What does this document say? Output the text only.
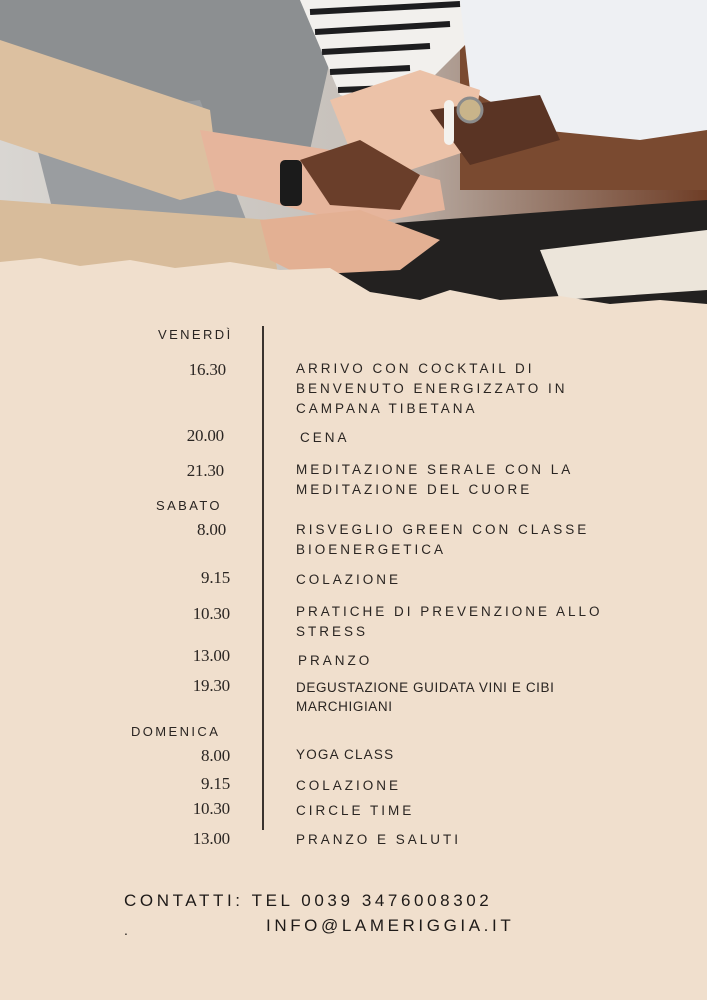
VENERDÌ
16.30	ARRIVO CON COCKTAIL DI BENVENUTO ENERGIZZATO IN CAMPANA TIBETANA
20.00	CENA
21.30	MEDITAZIONE SERALE CON LA MEDITAZIONE DEL CUORE
SABATO
8.00	RISVEGLIO GREEN CON CLASSE BIOENERGETICA
9.15	COLAZIONE
10.30	PRATICHE DI PREVENZIONE ALLO STRESS
13.00	PRANZO
19.30	DEGUSTAZIONE GUIDATA VINI E CIBI MARCHIGIANI
DOMENICA
8.00	YOGA CLASS
9.15	COLAZIONE
10.30	CIRCLE TIME
13.00	PRANZO E SALUTI
CONTATTI: TEL 0039 3476008302
.	INFO@LAMERIGGIA.IT
